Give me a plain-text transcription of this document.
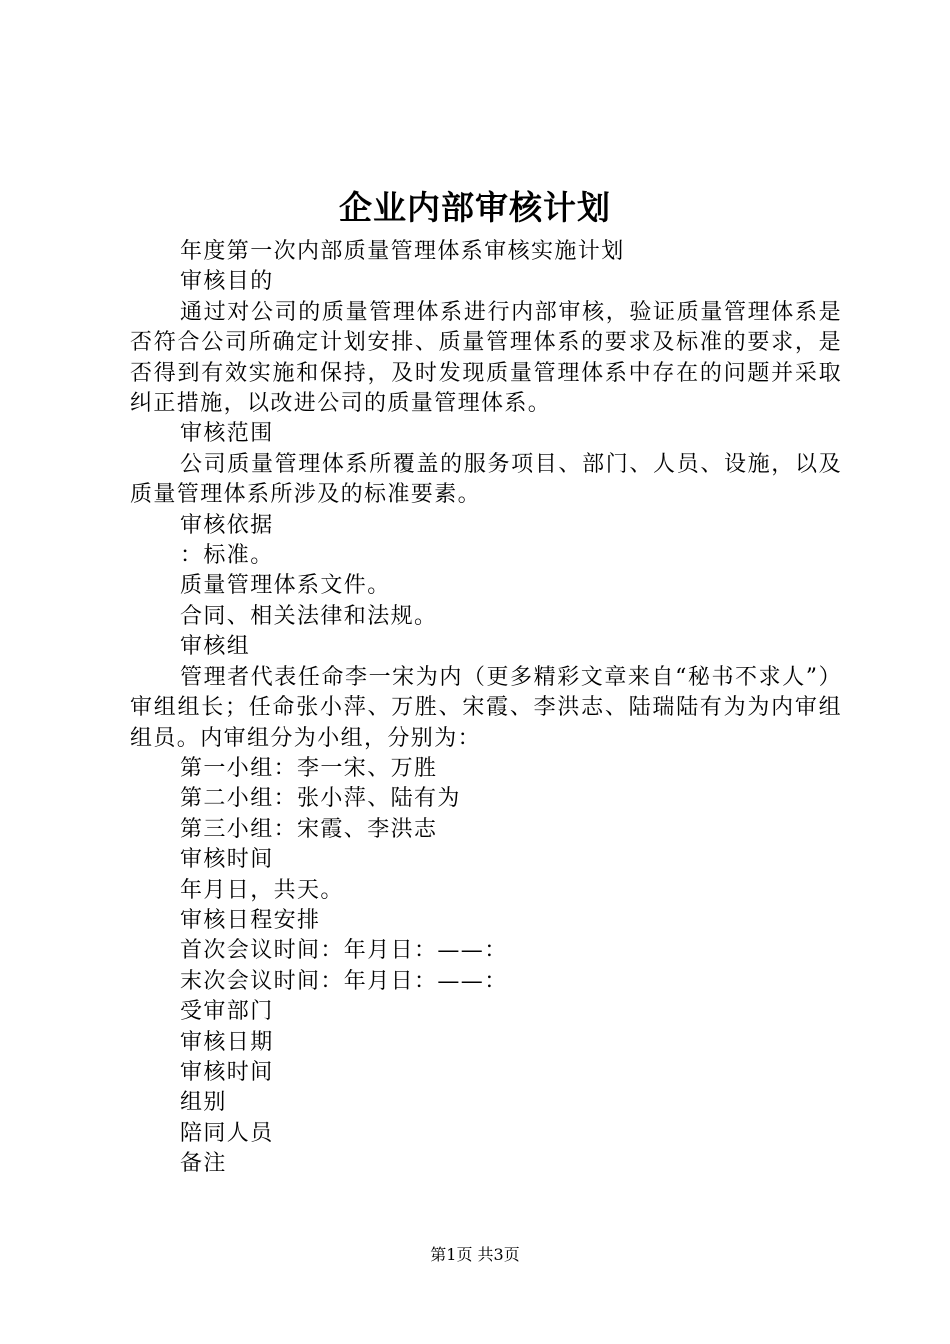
企业内部审核计划

年度第一次内部质量管理体系审核实施计划

审核目的

通过对公司的质量管理体系进行内部审核，验证质量管理体系是否符合公司所确定计划安排、质量管理体系的要求及标准的要求，是否得到有效实施和保持，及时发现质量管理体系中存在的问题并采取纠正措施，以改进公司的质量管理体系。

审核范围

公司质量管理体系所覆盖的服务项目、部门、人员、设施，以及质量管理体系所涉及的标准要素。

审核依据

：标准。

质量管理体系文件。

合同、相关法律和法规。

审核组

管理者代表任命李一宋为内（更多精彩文章来自“秘书不求人”）审组组长；任命张小萍、万胜、宋霞、李洪志、陆瑞陆有为为内审组组员。内审组分为小组，分别为：

第一小组：李一宋、万胜

第二小组：张小萍、陆有为

第三小组：宋霞、李洪志

审核时间

年月日，共天。

审核日程安排

首次会议时间：年月日：——：

末次会议时间：年月日：——：

受审部门

审核日期

审核时间

组别

陪同人员

备注

第1页 共3页
